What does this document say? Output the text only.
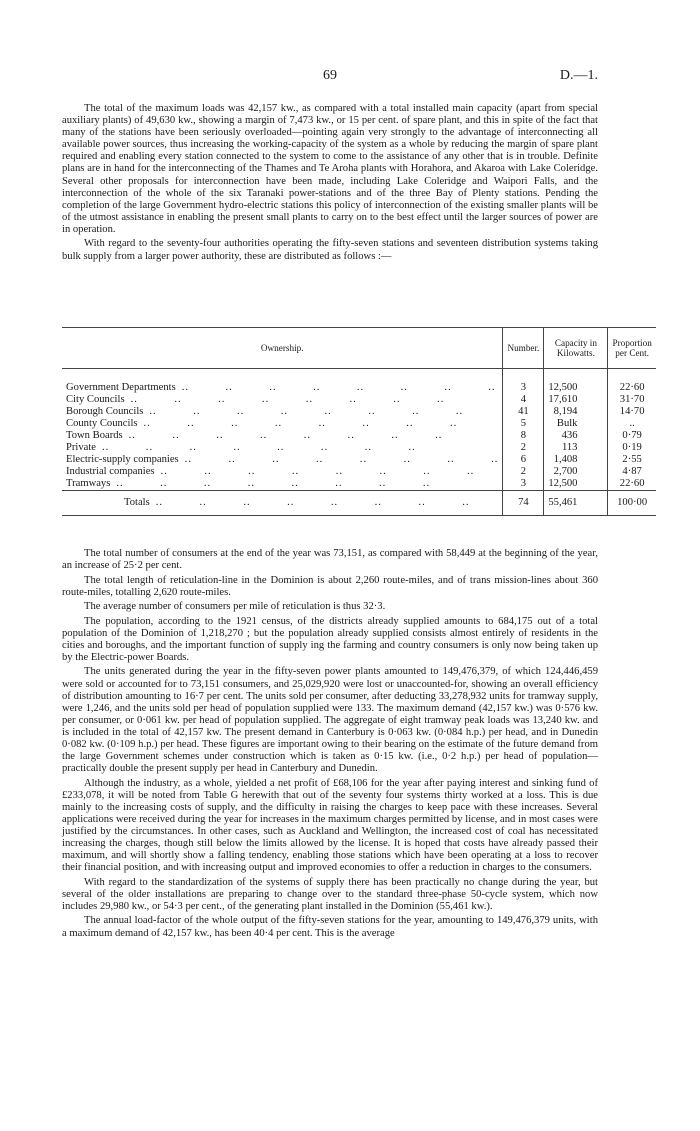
69	D.—1.

The total of the maximum loads was 42,157 kw., as compared with a total installed main capacity (apart from special auxiliary plants) of 49,630 kw., showing a margin of 7,473 kw., or 15 per cent. of spare plant, and this in spite of the fact that many of the stations have been seriously overloaded—pointing again very strongly to the advantage of interconnecting all available power sources, thus increasing the working-capacity of the system as a whole by reducing the margin of spare plant required and enabling every station connected to the system to come to the assistance of any other that is in trouble. Definite plans are in hand for the interconnecting of the Thames and Te Aroha plants with Horahora, and Akaroa with Lake Coleridge. Several other proposals for interconnection have been made, including Lake Coleridge and Waipori Falls, and the interconnection of the whole of the six Taranaki power-stations and of the three Bay of Plenty stations. Pending the completion of the large Government hydro-electric stations this policy of interconnection of the existing smaller plants will be of the utmost assistance in enabling the present small plants to carry on to the best effect until the larger sources of power are in operation.

With regard to the seventy-four authorities operating the fifty-seven stations and seventeen distribution systems taking bulk supply from a larger power authority, these are distributed as follows :—

Ownership.	Number.	Capacity in Kilowatts.	Proportion per Cent.

Government Departments ..	3	12,500	22·60

City Councils ..	4	17,610	31·70

Borough Councils ..	41	8,194	14·70

County Councils ..	5	Bulk	..

Town Boards ..	8	436	0·79

Private ..	2	113	0·19

Electric-supply companies ..	6	1,408	2·55

Industrial companies ..	2	2,700	4·87

Tramways ..	3	12,500	22·60

Totals ..	74	55,461	100·00

The total number of consumers at the end of the year was 73,151, as compared with 58,449 at the beginning of the year, an increase of 25·2 per cent.

The total length of reticulation-line in the Dominion is about 2,260 route-miles, and of trans mission-lines about 360 route-miles, totalling 2,620 route-miles.

The average number of consumers per mile of reticulation is thus 32·3.

The population, according to the 1921 census, of the districts already supplied amounts to 684,175 out of a total population of the Dominion of 1,218,270 ; but the population already supplied consists almost entirely of residents in the cities and boroughs, and the important function of supply ing the farming and country consumers is only now being taken up by the Electric-power Boards.

The units generated during the year in the fifty-seven power plants amounted to 149,476,379, of which 124,446,459 were sold or accounted for to 73,151 consumers, and 25,029,920 were lost or unaccounted-for, showing an overall efficiency of distribution amounting to 16·7 per cent. The units sold per consumer, after deducting 33,278,932 units for tramway supply, were 1,246, and the units sold per head of population supplied were 133. The maximum demand (42,157 kw.) was 0·576 kw. per consumer, or 0·061 kw. per head of population supplied. The aggregate of eight tramway peak loads was 13,240 kw. and is included in the total of 42,157 kw. The present demand in Canterbury is 0·063 kw. (0·084 h.p.) per head, and in Dunedin 0·082 kw. (0·109 h.p.) per head. These figures are important owing to their bearing on the estimate of the future demand from the large Government schemes under construction which is taken as 0·15 kw. (i.e., 0·2 h.p.) per head of population—practically double the present supply per head in Canterbury and Dunedin.

Although the industry, as a whole, yielded a net profit of £68,106 for the year after paying interest and sinking fund of £233,078, it will be noted from Table G herewith that out of the seventy four systems thirty worked at a loss. This is due mainly to the increasing costs of supply, and the difficulty in raising the charges to keep pace with these increases. Several applications were received during the year for increases in the maximum charges permitted by license, and in most cases were justified by the circumstances. In other cases, such as Auckland and Wellington, the increased cost of coal has necessitated increasing the charges, though still below the limits allowed by the license. It is hoped that costs have already passed their maximum, and will shortly show a falling tendency, enabling those stations which have been operating at a loss to recover their financial position, and with increasing output and improved economies to offer a reduction in charges to the consumers.

With regard to the standardization of the systems of supply there has been practically no change during the year, but several of the older installations are preparing to change over to the standard three-phase 50-cycle system, which now includes 29,980 kw., or 54·3 per cent., of the generating plant installed in the Dominion (55,461 kw.).

The annual load-factor of the whole output of the fifty-seven stations for the year, amounting to 149,476,379 units, with a maximum demand of 42,157 kw., has been 40·4 per cent. This is the average
